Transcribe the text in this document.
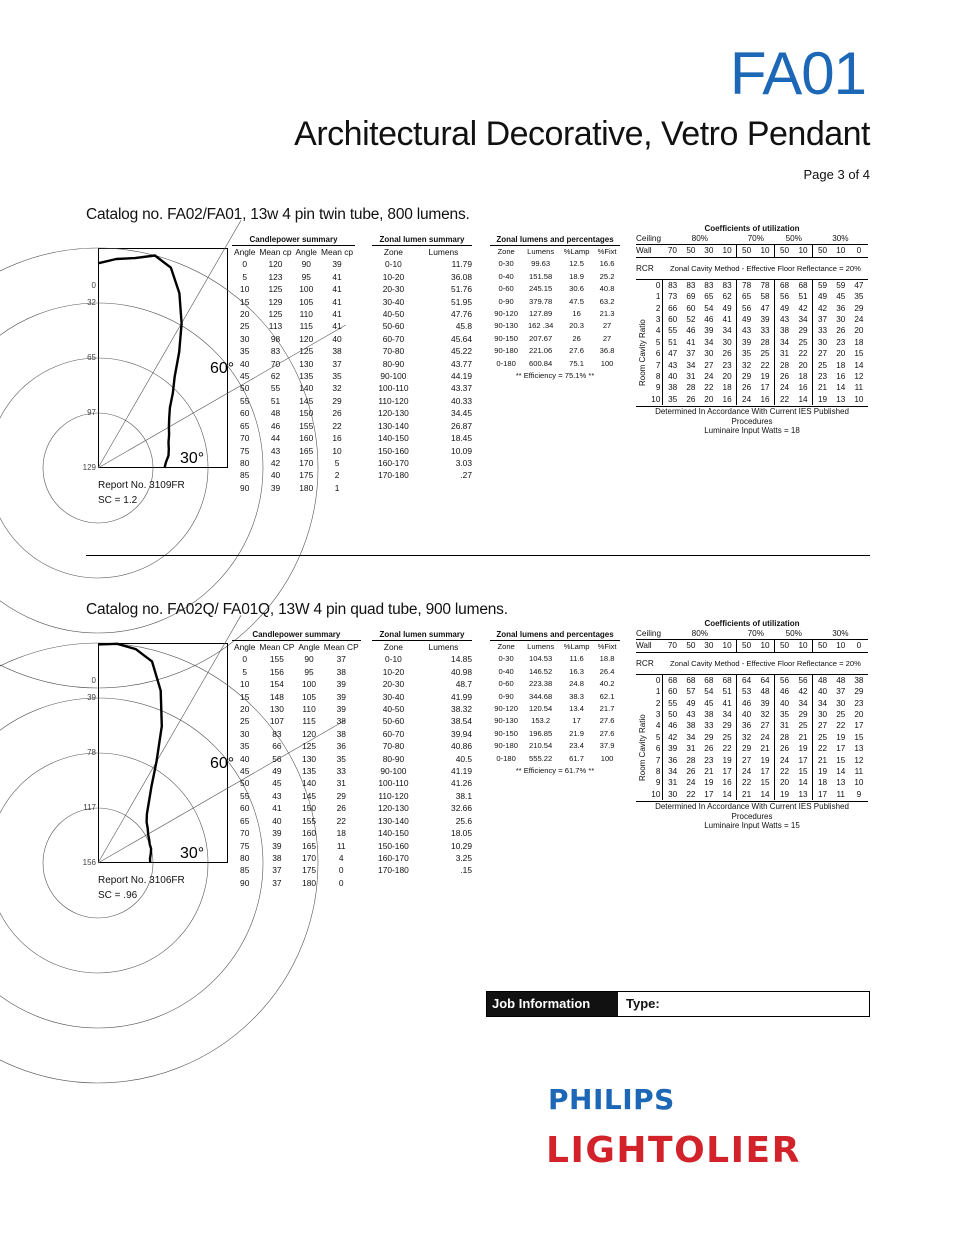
FA01
Architectural Decorative, Vetro Pendant
Page 3 of 4
Catalog no. FA02/FA01, 13w 4 pin twin tube, 800 lumens.
60°
30°
0
32
65
97
129
Report No. 3109FR
SC = 1.2
Candlepower summary			
Angle	Mean cp	Angle	Mean cp
0	120	90	39
5	123	95	41
10	125	100	41
15	129	105	41
20	125	110	41
25	113	115	41
30	98	120	40
35	83	125	38
40	70	130	37
45	62	135	35
50	55	140	32
55	51	145	29
60	48	150	26
65	46	155	22
70	44	160	16
75	43	165	10
80	42	170	5
85	40	175	2
90	39	180	1
Zonal lumen summary	
Zone	Lumens
0-10	11.79
10-20	36.08
20-30	51.76
30-40	51.95
40-50	47.76
50-60	45.8
60-70	45.64
70-80	45.22
80-90	43.77
90-100	44.19
100-110	43.37
110-120	40.33
120-130	34.45
130-140	26.87
140-150	18.45
150-160	10.09
160-170	3.03
170-180	.27
Zonal lumens and percentages			
Zone	Lumens	%Lamp	%Fixt
0-30	99.63	12.5	16.6
0-40	151.58	18.9	25.2
0-60	245.15	30.6	40.8
0-90	379.78	47.5	63.2
90-120	127.89	16	21.3
90-130	162 .34	20.3	27
90-150	207.67	26	27
90-180	221.06	27.6	36.8
0-180	600.84	75.1	100
** Efficiency = 75.1% **			
Coefficients of utilization
Ceiling	80%				70%		50%		30%		
Wall	70	50	30	10	50	10	50	10	50	10	0
RCR	Zonal Cavity Method - Effective Floor Reflectance = 20%										
0	83	83	83	83	78	78	68	68	59	59	47
1	73	69	65	62	65	58	56	51	49	45	35
2	66	60	54	49	56	47	49	42	42	36	29
3	60	52	46	41	49	39	43	34	37	30	24
4	55	46	39	34	43	33	38	29	33	26	20
5	51	41	34	30	39	28	34	25	30	23	18
6	47	37	30	26	35	25	31	22	27	20	15
7	43	34	27	23	32	22	28	20	25	18	14
8	40	31	24	20	29	19	26	18	23	16	12
9	38	28	22	18	26	17	24	16	21	14	11
10	35	26	20	16	24	16	22	14	19	13	10
Determined In Accordance With Current IES Published Procedures
Luminaire Input Watts = 18
Room Cavity Ratio
Catalog no. FA02Q/ FA01Q, 13W 4 pin quad tube, 900 lumens.
60°
30°
0
39
78
117
156
Report No. 3106FR
SC = .96
Candlepower summary			
Angle	Mean CP	Angle	Mean CP
0	155	90	37
5	156	95	38
10	154	100	39
15	148	105	39
20	130	110	39
25	107	115	38
30	83	120	38
35	66	125	36
40	56	130	35
45	49	135	33
50	45	140	31
55	43	145	29
60	41	150	26
65	40	155	22
70	39	160	18
75	39	165	11
80	38	170	4
85	37	175	0
90	37	180	0
Zonal lumen summary	
Zone	Lumens
0-10	14.85
10-20	40.98
20-30	48.7
30-40	41.99
40-50	38.32
50-60	38.54
60-70	39.94
70-80	40.86
80-90	40.5
90-100	41.19
100-110	41.26
110-120	38.1
120-130	32.66
130-140	25.6
140-150	18.05
150-160	10.29
160-170	3.25
170-180	.15
Zonal lumens and percentages			
Zone	Lumens	%Lamp	%Fixt
0-30	104.53	11.6	18.8
0-40	146.52	16.3	26.4
0-60	223.38	24.8	40.2
0-90	344.68	38.3	62.1
90-120	120.54	13.4	21.7
90-130	153.2	17	27.6
90-150	196.85	21.9	27.6
90-180	210.54	23.4	37.9
0-180	555.22	61.7	100
** Efficiency = 61.7% **			
Coefficients of utilization
Ceiling	80%				70%		50%		30%		
Wall	70	50	30	10	50	10	50	10	50	10	0
RCR	Zonal Cavity Method - Effective Floor Reflectance = 20%										
0	68	68	68	68	64	64	56	56	48	48	38
1	60	57	54	51	53	48	46	42	40	37	29
2	55	49	45	41	46	39	40	34	34	30	23
3	50	43	38	34	40	32	35	29	30	25	20
4	46	38	33	29	36	27	31	25	27	22	17
5	42	34	29	25	32	24	28	21	25	19	15
6	39	31	26	22	29	21	26	19	22	17	13
7	36	28	23	19	27	19	24	17	21	15	12
8	34	26	21	17	24	17	22	15	19	14	11
9	31	24	19	16	22	15	20	14	18	13	10
10	30	22	17	14	21	14	19	13	17	11	9
Determined In Accordance With Current IES Published Procedures
Luminaire Input Watts = 15
Room Cavity Ratio
Job Information	Type:
PHILIPS
LIGHTOLIER
